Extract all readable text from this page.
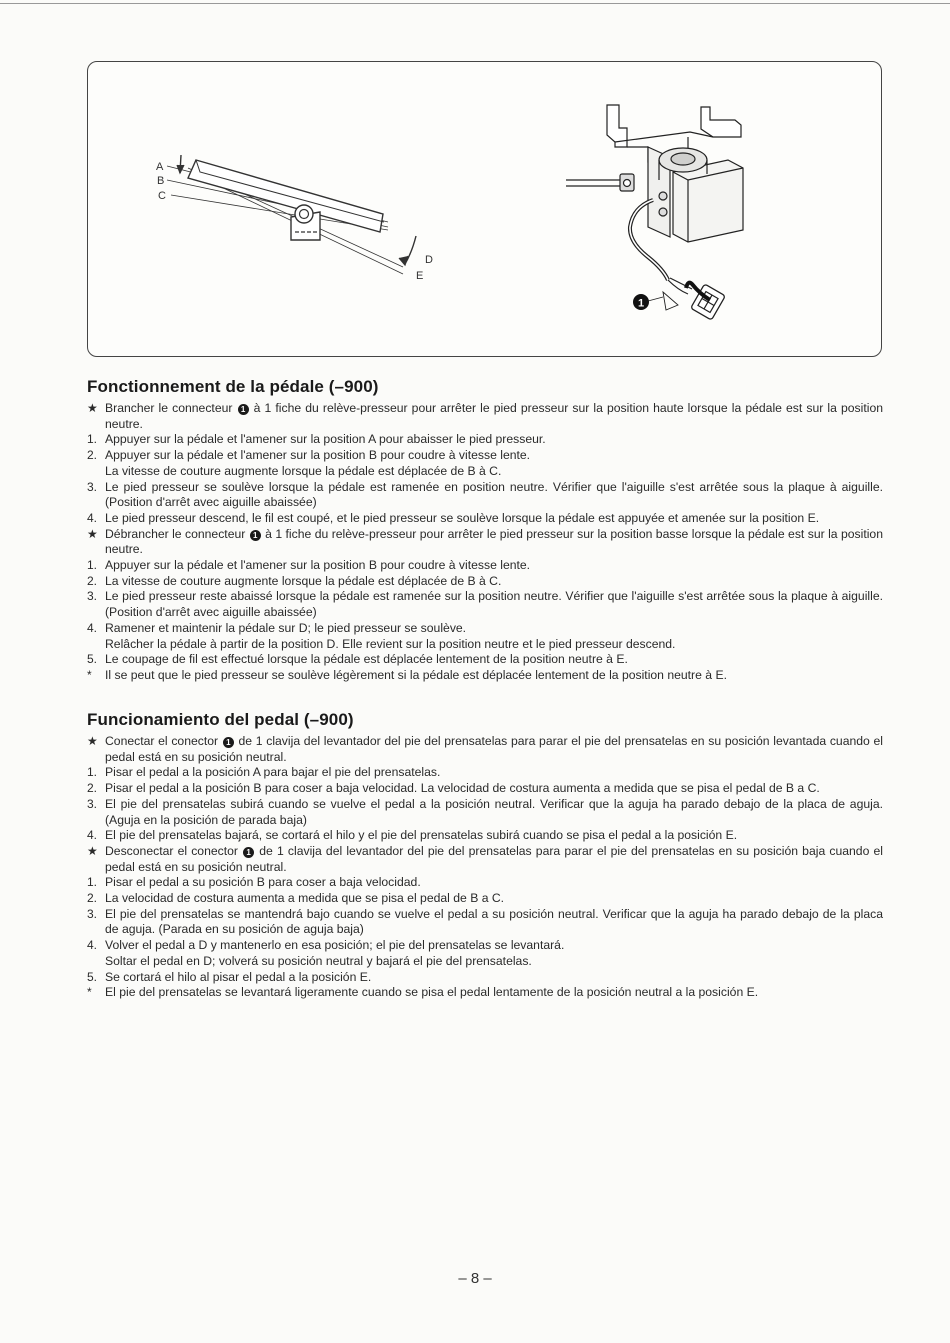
A
B
C
D
E
1
Fonctionnement de la pédale (–900)
★ Brancher le connecteur 1 à 1 fiche du relève-presseur pour arrêter le pied presseur sur la position haute lorsque la pédale est sur la position neutre.
1. Appuyer sur la pédale et l'amener sur la position A pour abaisser le pied presseur.
2. Appuyer sur la pédale et l'amener sur la position B pour coudre à vitesse lente.
La vitesse de couture augmente lorsque la pédale est déplacée de B à C.
3. Le pied presseur se soulève lorsque la pédale est ramenée en position neutre. Vérifier que l'aiguille s'est arrêtée sous la plaque à aiguille. (Position d'arrêt avec aiguille abaissée)
4. Le pied presseur descend, le fil est coupé, et le pied presseur se soulève lorsque la pédale est appuyée et amenée sur la position E.
★ Débrancher le connecteur 1 à 1 fiche du relève-presseur pour arrêter le pied presseur sur la position basse lorsque la pédale est sur la position neutre.
1. Appuyer sur la pédale et l'amener sur la position B pour coudre à vitesse lente.
2. La vitesse de couture augmente lorsque la pédale est déplacée de B à C.
3. Le pied presseur reste abaissé lorsque la pédale est ramenée sur la position neutre. Vérifier que l'aiguille s'est arrêtée sous la plaque à aiguille. (Position d'arrêt avec aiguille abaissée)
4. Ramener et maintenir la pédale sur D; le pied presseur se soulève.
Relâcher la pédale à partir de la position D. Elle revient sur la position neutre et le pied presseur descend.
5. Le coupage de fil est effectué lorsque la pédale est déplacée lentement de la position neutre à E.
*	Il se peut que le pied presseur se soulève légèrement si la pédale est déplacée lentement de la position neutre à E.
Funcionamiento del pedal (–900)
★ Conectar el conector 1 de 1 clavija del levantador del pie del prensatelas para parar el pie del prensatelas en su posición levantada cuando el pedal está en su posición neutral.
1. Pisar el pedal a la posición A para bajar el pie del prensatelas.
2. Pisar el pedal a la posición B para coser a baja velocidad. La velocidad de costura aumenta a medida que se pisa el pedal de B a C.
3. El pie del prensatelas subirá cuando se vuelve el pedal a la posición neutral. Verificar que la aguja ha parado debajo de la placa de aguja. (Aguja en la posición de parada baja)
4. El pie del prensatelas bajará, se cortará el hilo y el pie del prensatelas subirá cuando se pisa el pedal a la posición E.
★ Desconectar el conector 1 de 1 clavija del levantador del pie del prensatelas para parar el pie del prensatelas en su posición baja cuando el pedal está en su posición neutral.
1. Pisar el pedal a su posición B para coser a baja velocidad.
2. La velocidad de costura aumenta a medida que se pisa el pedal de B a C.
3. El pie del prensatelas se mantendrá bajo cuando se vuelve el pedal a su posición neutral. Verificar que la aguja ha parado debajo de la placa de aguja. (Parada en su posición de aguja baja)
4. Volver el pedal a D y mantenerlo en esa posición; el pie del prensatelas se levantará.
Soltar el pedal en D; volverá su posición neutral y bajará el pie del prensatelas.
5. Se cortará el hilo al pisar el pedal a la posición E.
*	El pie del prensatelas se levantará ligeramente cuando se pisa el pedal lentamente de la posición neutral a la posición E.
– 8 –
